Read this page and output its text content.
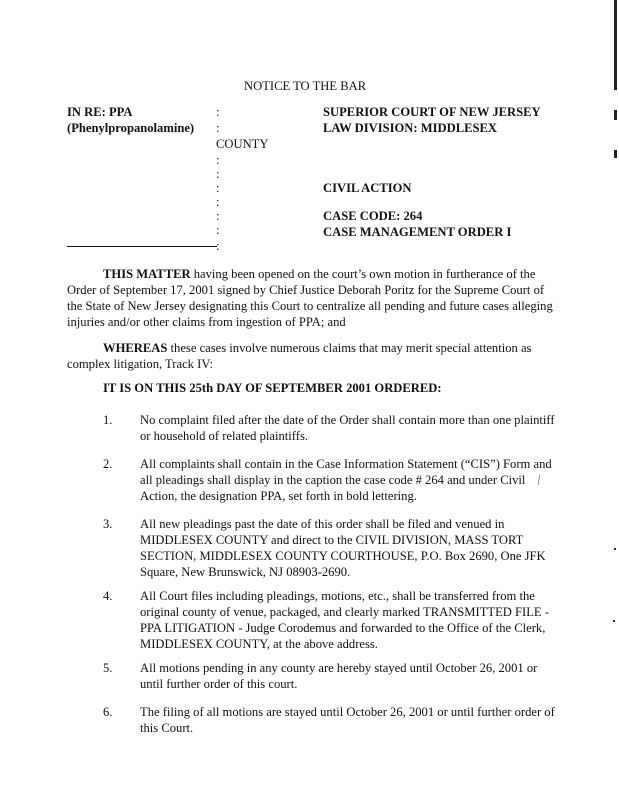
NOTICE TO THE BAR
IN RE: PPA
(Phenylpropanolamine)
:
:
COUNTY
:
:
:
:
:
:
:
SUPERIOR COURT OF NEW JERSEY
LAW DIVISION: MIDDLESEX
CIVIL ACTION
CASE CODE: 264
CASE MANAGEMENT ORDER I
THIS MATTER having been opened on the court’s own motion in furtherance of the
Order of September 17, 2001 signed by Chief Justice Deborah Poritz for the Supreme Court of
the State of New Jersey designating this Court to centralize all pending and future cases alleging
injuries and/or other claims from ingestion of PPA; and
WHEREAS these cases involve numerous claims that may merit special attention as
complex litigation, Track IV:
IT IS ON THIS 25th DAY OF SEPTEMBER 2001 ORDERED:
1. No complaint filed after the date of the Order shall contain more than one plaintiff
or household of related plaintiffs.
2. All complaints shall contain in the Case Information Statement (“CIS”) Form and
all pleadings shall display in the caption the case code # 264 and under Civil
Action, the designation PPA, set forth in bold lettering.
⁄
3. All new pleadings past the date of this order shall be filed and venued in
MIDDLESEX COUNTY and direct to the CIVIL DIVISION, MASS TORT
SECTION, MIDDLESEX COUNTY COURTHOUSE, P.O. Box 2690, One JFK
Square, New Brunswick, NJ 08903-2690.
4. All Court files including pleadings, motions, etc., shall be transferred from the
original county of venue, packaged, and clearly marked TRANSMITTED FILE -
PPA LITIGATION - Judge Corodemus and forwarded to the Office of the Clerk,
MIDDLESEX COUNTY, at the above address.
5. All motions pending in any county are hereby stayed until October 26, 2001 or
until further order of this court.
6. The filing of all motions are stayed until October 26, 2001 or until further order of
this Court.
